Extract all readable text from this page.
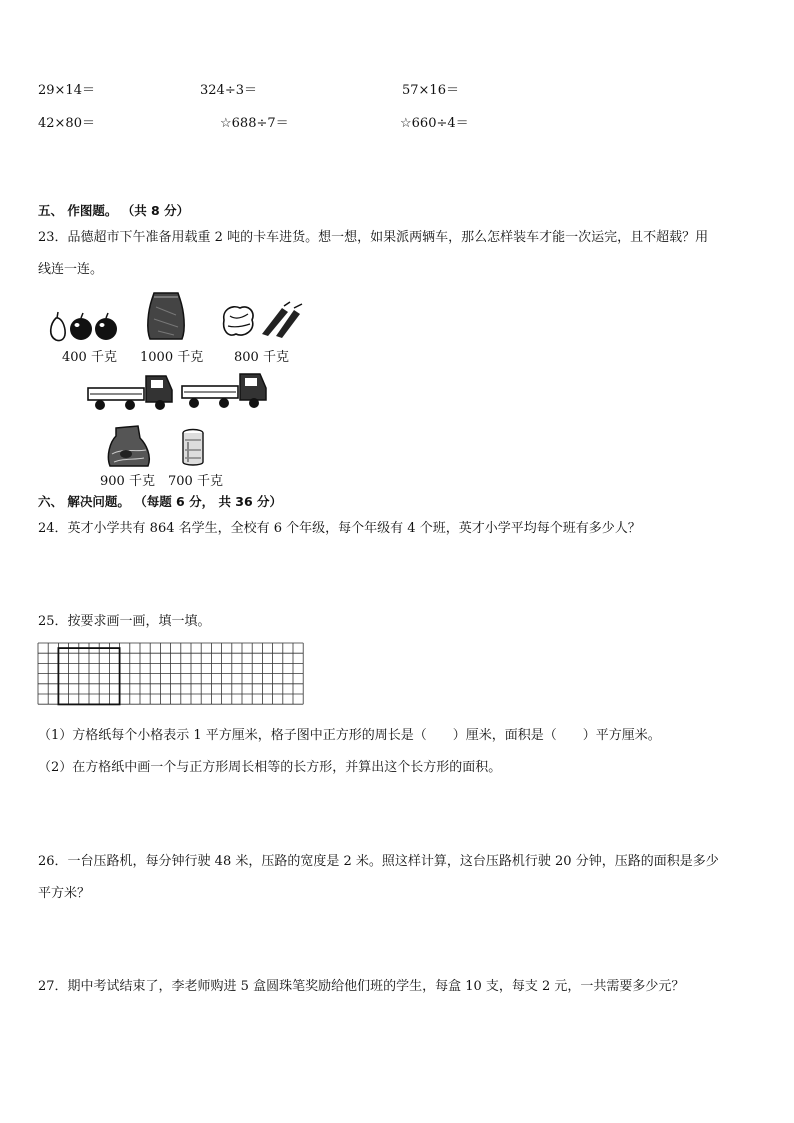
29×14＝	324÷3＝	57×16＝
42×80＝	☆688÷7＝	☆660÷4＝
五、 作图题。 （共 8 分）
23．品德超市下午准备用载重 2 吨的卡车进货。想一想，如果派两辆车，那么怎样装车才能一次运完，且不超载？用
线连一连。
400 千克 1000 千克 800 千克
900 千克 700 千克
六、 解决问题。 （每题 6 分， 共 36 分）
24．英才小学共有 864 名学生，全校有 6 个年级，每个年级有 4 个班，英才小学平均每个班有多少人？
25．按要求画一画，填一填。
（1）方格纸每个小格表示 1 平方厘米，格子图中正方形的周长是（　　）厘米，面积是（　　）平方厘米。
（2）在方格纸中画一个与正方形周长相等的长方形，并算出这个长方形的面积。
26．一台压路机，每分钟行驶 48 米，压路的宽度是 2 米。照这样计算，这台压路机行驶 20 分钟，压路的面积是多少
平方米？
27．期中考试结束了，李老师购进 5 盒圆珠笔奖励给他们班的学生，每盒 10 支，每支 2 元，一共需要多少元？
